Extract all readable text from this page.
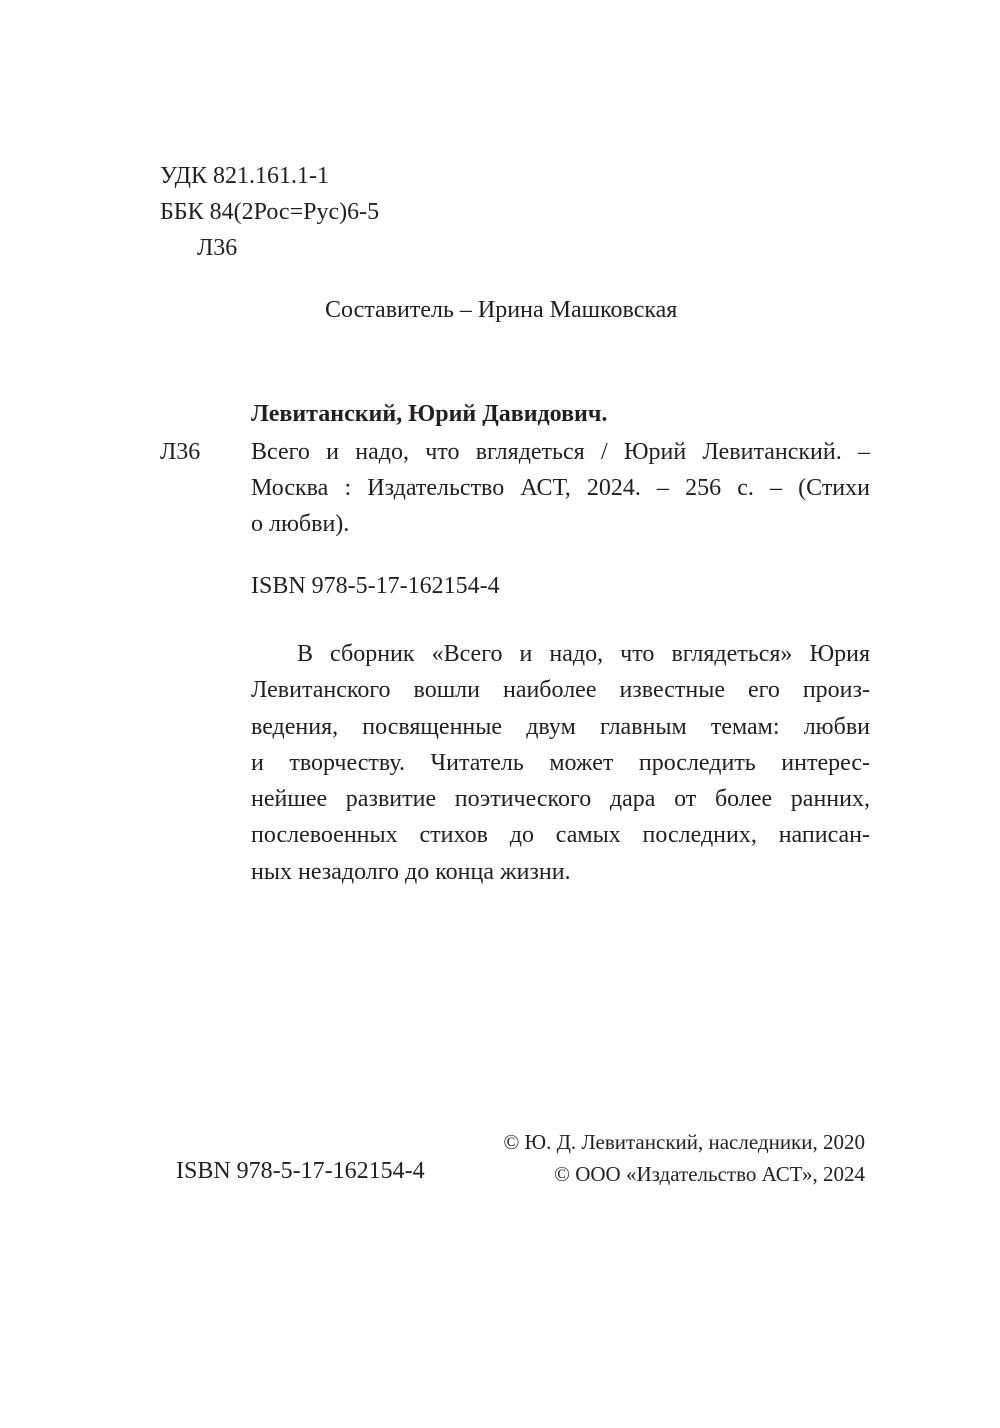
УДК 821.161.1-1
ББК 84(2Рос=Рус)6-5
Л36
Составитель – Ирина Машковская
Левитанский, Юрий Давидович.
Л36 Всего и надо, что вглядеться / Юрий Левитанский. –
Москва : Издательство АСТ, 2024. – 256 с. – (Стихи
о любви).
ISBN 978-5-17-162154-4
В сборник «Всего и надо, что вглядеться» Юрия
Левитанского вошли наиболее известные его произ-
ведения, посвященные двум главным темам: любви
и творчеству. Читатель может проследить интерес-
нейшее развитие поэтического дара от более ранних,
послевоенных стихов до самых последних, написан-
ных незадолго до конца жизни.
ISBN 978-5-17-162154-4
© Ю. Д. Левитанский, наследники, 2020
© ООО «Издательство АСТ», 2024
